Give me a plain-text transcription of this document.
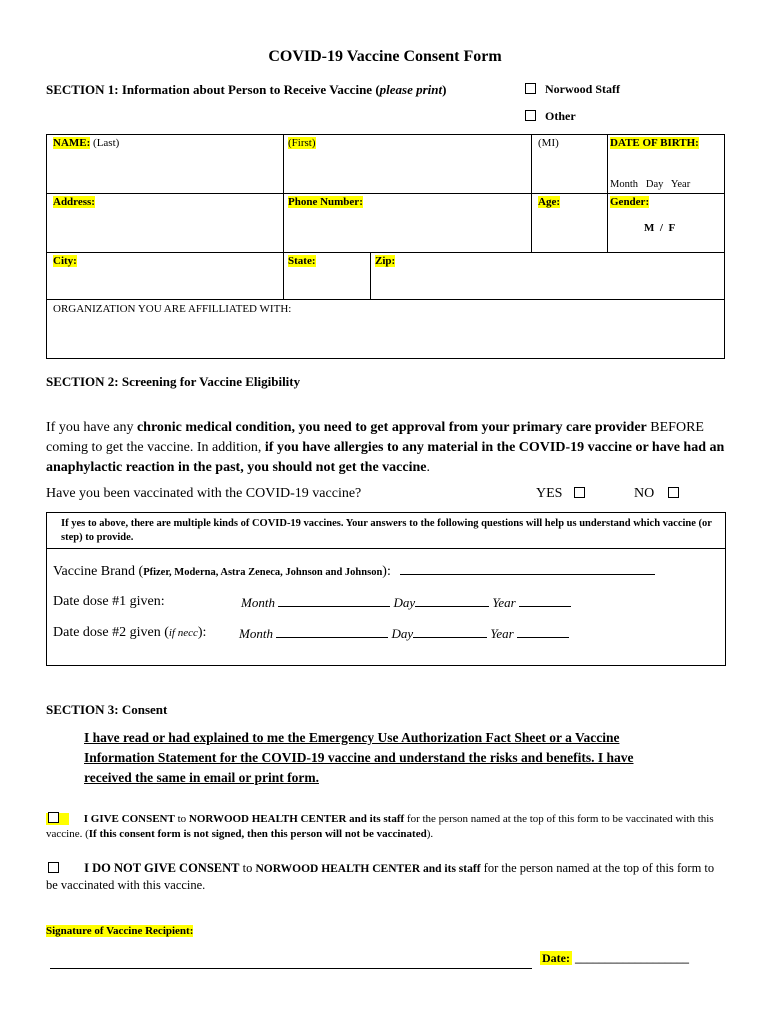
COVID-19 Vaccine Consent Form
SECTION 1: Information about Person to Receive Vaccine (please print)	Norwood Staff
Other
NAME: (Last)	(First)		(MI)	DATE OF BIRTH:
Month   Day   Year

Address:	Phone Number:		Age:	Gender:
M  /  F

City:	State:	Zip:		

ORGANIZATION YOU ARE AFFILLIATED WITH:				
SECTION 2: Screening for Vaccine Eligibility
If you have any chronic medical condition, you need to get approval from your primary care provider BEFORE coming to get the vaccine. In addition, if you have allergies to any material in the COVID-19 vaccine or have had an anaphylactic reaction in the past, you should not get the vaccine.
Have you been vaccinated with the COVID-19 vaccine?	YES	NO
If yes to above, there are multiple kinds of COVID-19 vaccines. Your answers to the following questions will help us understand which vaccine (or step) to provide.
Vaccine Brand (Pfizer, Moderna, Astra Zeneca, Johnson and Johnson):
Date dose #1 given:	Month	Day	Year
Date dose #2 given (if necc):	Month	Day	Year
SECTION 3: Consent
I have read or had explained to me the Emergency Use Authorization Fact Sheet or a Vaccine Information Statement for the COVID-19 vaccine and understand the risks and benefits. I have received the same in email or print form.
I GIVE CONSENT to NORWOOD HEALTH CENTER and its staff for the person named at the top of this form to be vaccinated with this vaccine. (If this consent form is not signed, then this person will not be vaccinated).
I DO NOT GIVE CONSENT to NORWOOD HEALTH CENTER and its staff for the person named at the top of this form to be vaccinated with this vaccine.
Signature of Vaccine Recipient:
Date: ___________________
